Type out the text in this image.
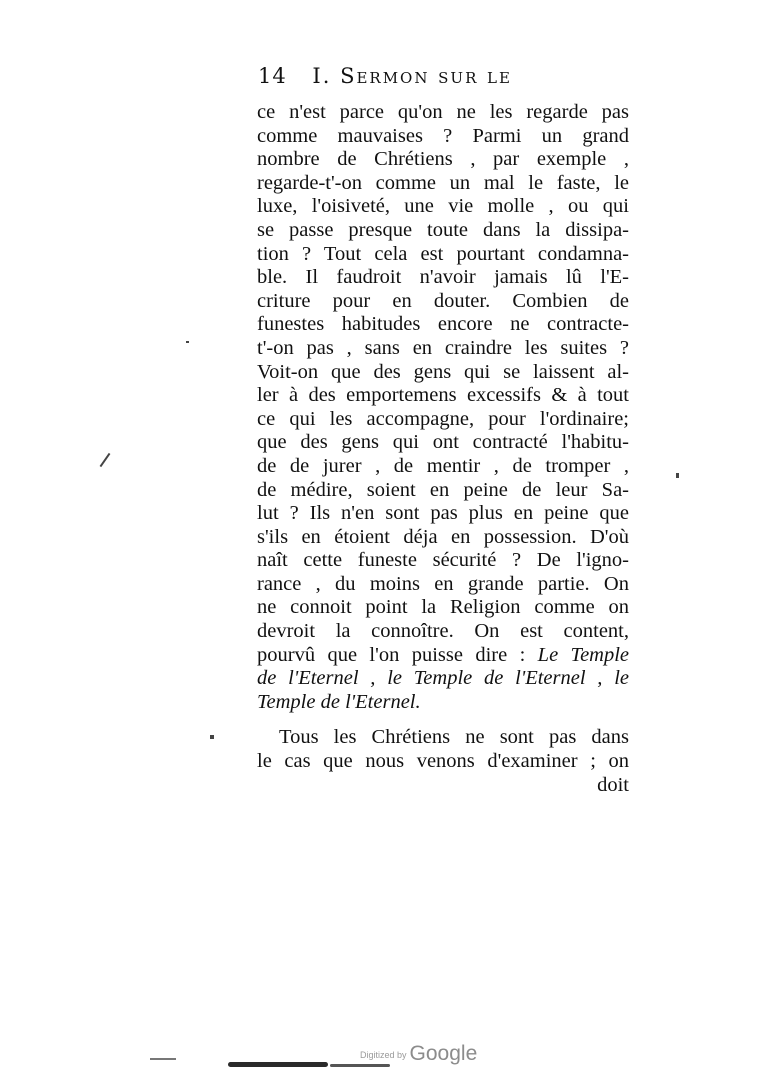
14 I. Sermon sur le
ce n'est parce qu'on ne les regarde pas
comme mauvaises ? Parmi un grand
nombre de Chrétiens , par exemple ,
regarde-t'-on comme un mal le faste, le
luxe, l'oisiveté, une vie molle , ou qui
se passe presque toute dans la dissipa-
tion ? Tout cela est pourtant condamna-
ble. Il faudroit n'avoir jamais lû l'E-
criture pour en douter. Combien de
funestes habitudes encore ne contracte-
t'-on pas , sans en craindre les suites ?
Voit-on que des gens qui se laissent al-
ler à des emportemens excessifs & à tout
ce qui les accompagne, pour l'ordinaire;
que des gens qui ont contracté l'habitu-
de de jurer , de mentir , de tromper ,
de médire, soient en peine de leur Sa-
lut ? Ils n'en sont pas plus en peine que
s'ils en étoient déja en possession. D'où
naît cette funeste sécurité ? De l'igno-
rance , du moins en grande partie. On
ne connoit point la Religion comme on
devroit la connoître. On est content,
pourvû que l'on puisse dire : Le Temple
de l'Eternel , le Temple de l'Eternel , le
Temple de l'Eternel.
Tous les Chrétiens ne sont pas dans
le cas que nous venons d'examiner ; on
doit
Digitized by Google
